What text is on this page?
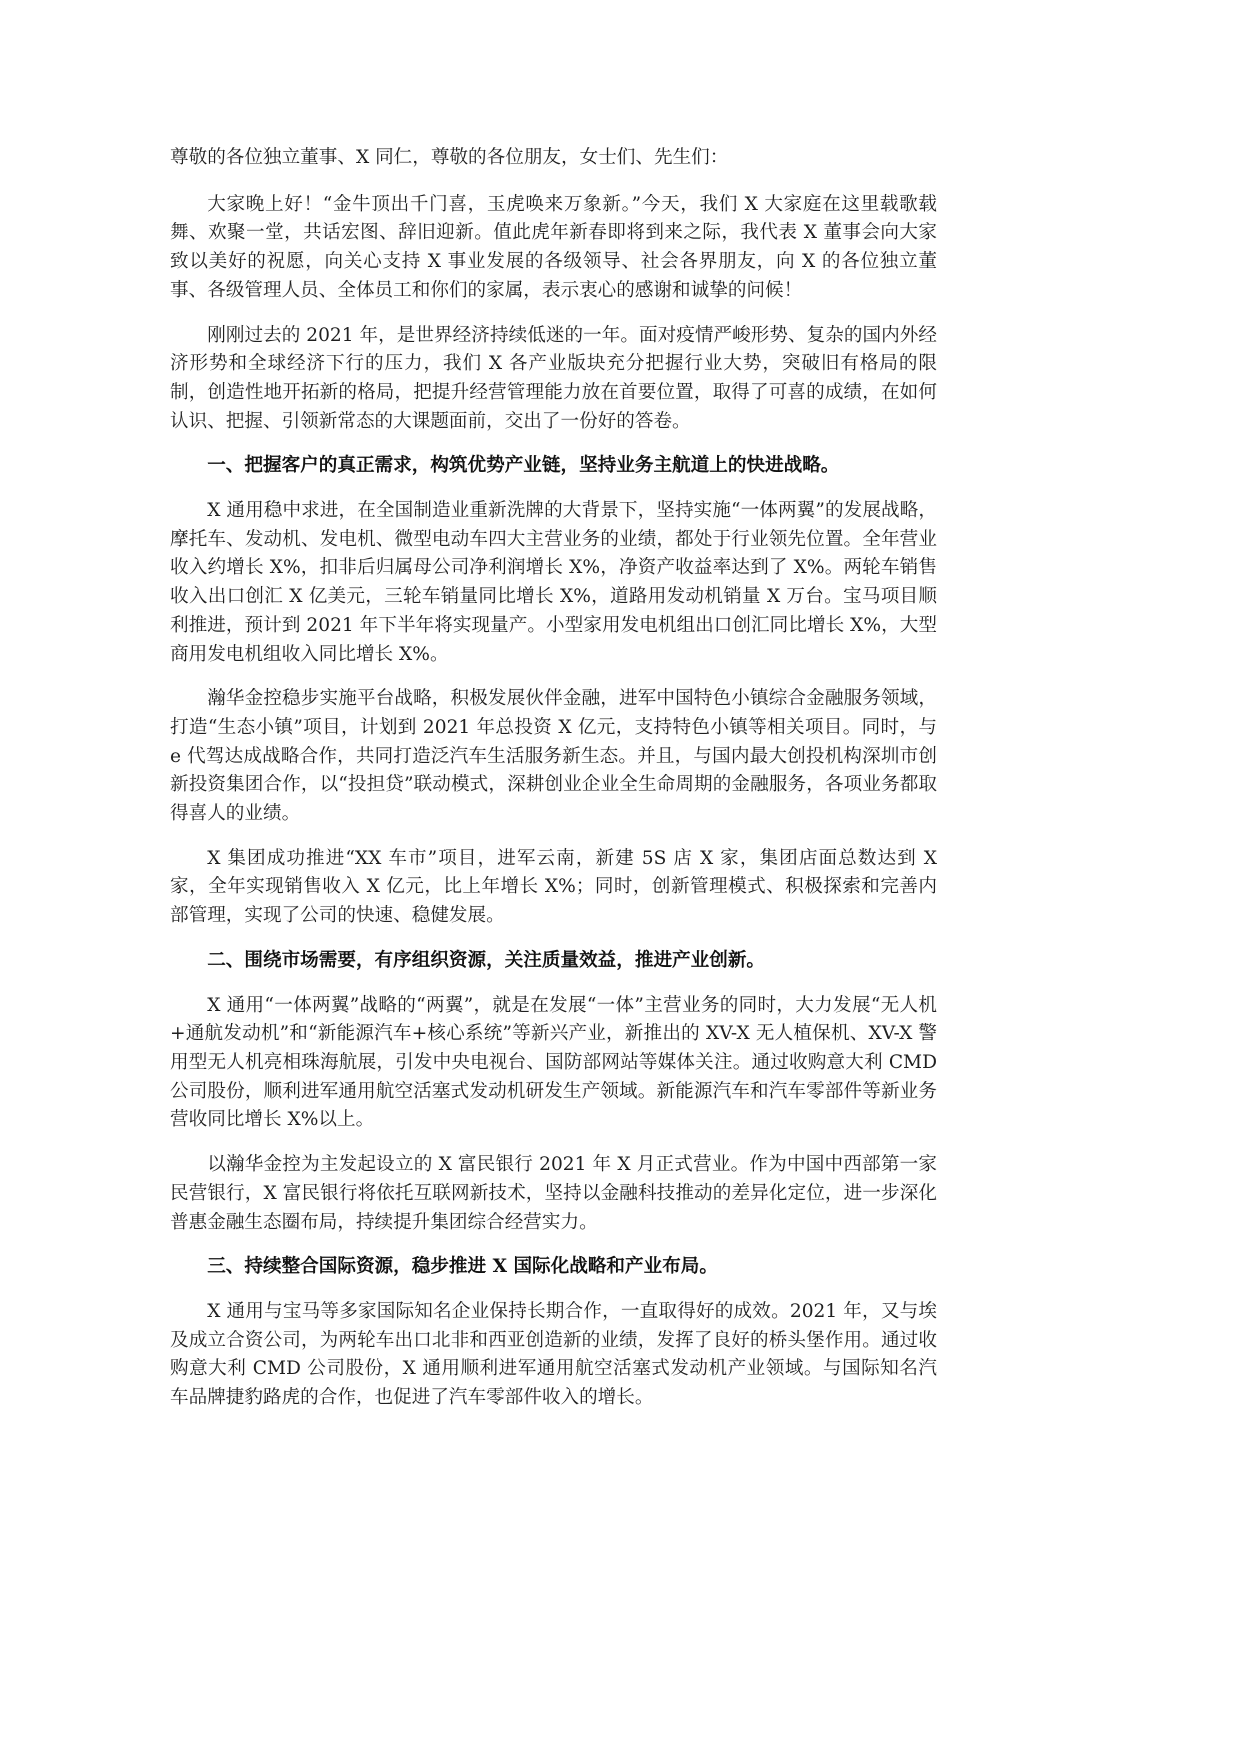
尊敬的各位独立董事、X 同仁，尊敬的各位朋友，女士们、先生们：

大家晚上好！“金牛顶出千门喜，玉虎唤来万象新。”今天，我们 X 大家庭在这里载歌载舞、欢聚一堂，共话宏图、辞旧迎新。值此虎年新春即将到来之际，我代表 X 董事会向大家致以美好的祝愿，向关心支持 X 事业发展的各级领导、社会各界朋友，向 X 的各位独立董事、各级管理人员、全体员工和你们的家属，表示衷心的感谢和诚挚的问候！

刚刚过去的 2021 年，是世界经济持续低迷的一年。面对疫情严峻形势、复杂的国内外经济形势和全球经济下行的压力，我们 X 各产业版块充分把握行业大势，突破旧有格局的限制，创造性地开拓新的格局，把提升经营管理能力放在首要位置，取得了可喜的成绩，在如何认识、把握、引领新常态的大课题面前，交出了一份好的答卷。

一、把握客户的真正需求，构筑优势产业链，坚持业务主航道上的快进战略。

X 通用稳中求进，在全国制造业重新洗牌的大背景下，坚持实施“一体两翼”的发展战略，摩托车、发动机、发电机、微型电动车四大主营业务的业绩，都处于行业领先位置。全年营业收入约增长 X%，扣非后归属母公司净利润增长 X%，净资产收益率达到了 X%。两轮车销售收入出口创汇 X 亿美元，三轮车销量同比增长 X%，道路用发动机销量 X 万台。宝马项目顺利推进，预计到 2021 年下半年将实现量产。小型家用发电机组出口创汇同比增长 X%，大型商用发电机组收入同比增长 X%。

瀚华金控稳步实施平台战略，积极发展伙伴金融，进军中国特色小镇综合金融服务领域，打造“生态小镇”项目，计划到 2021 年总投资 X 亿元，支持特色小镇等相关项目。同时，与 e 代驾达成战略合作，共同打造泛汽车生活服务新生态。并且，与国内最大创投机构深圳市创新投资集团合作，以“投担贷”联动模式，深耕创业企业全生命周期的金融服务，各项业务都取得喜人的业绩。

X 集团成功推进“XX 车市”项目，进军云南，新建 5S 店 X 家，集团店面总数达到 X 家，全年实现销售收入 X 亿元，比上年增长 X%；同时，创新管理模式、积极探索和完善内部管理，实现了公司的快速、稳健发展。

二、围绕市场需要，有序组织资源，关注质量效益，推进产业创新。

X 通用“一体两翼”战略的“两翼”，就是在发展“一体”主营业务的同时，大力发展“无人机+通航发动机”和“新能源汽车+核心系统”等新兴产业，新推出的 XV-X 无人植保机、XV-X 警用型无人机亮相珠海航展，引发中央电视台、国防部网站等媒体关注。通过收购意大利 CMD 公司股份，顺利进军通用航空活塞式发动机研发生产领域。新能源汽车和汽车零部件等新业务营收同比增长 X%以上。

以瀚华金控为主发起设立的 X 富民银行 2021 年 X 月正式营业。作为中国中西部第一家民营银行，X 富民银行将依托互联网新技术，坚持以金融科技推动的差异化定位，进一步深化普惠金融生态圈布局，持续提升集团综合经营实力。

三、持续整合国际资源，稳步推进 X 国际化战略和产业布局。

X 通用与宝马等多家国际知名企业保持长期合作，一直取得好的成效。2021 年，又与埃及成立合资公司，为两轮车出口北非和西亚创造新的业绩，发挥了良好的桥头堡作用。通过收购意大利 CMD 公司股份，X 通用顺利进军通用航空活塞式发动机产业领域。与国际知名汽车品牌捷豹路虎的合作，也促进了汽车零部件收入的增长。
